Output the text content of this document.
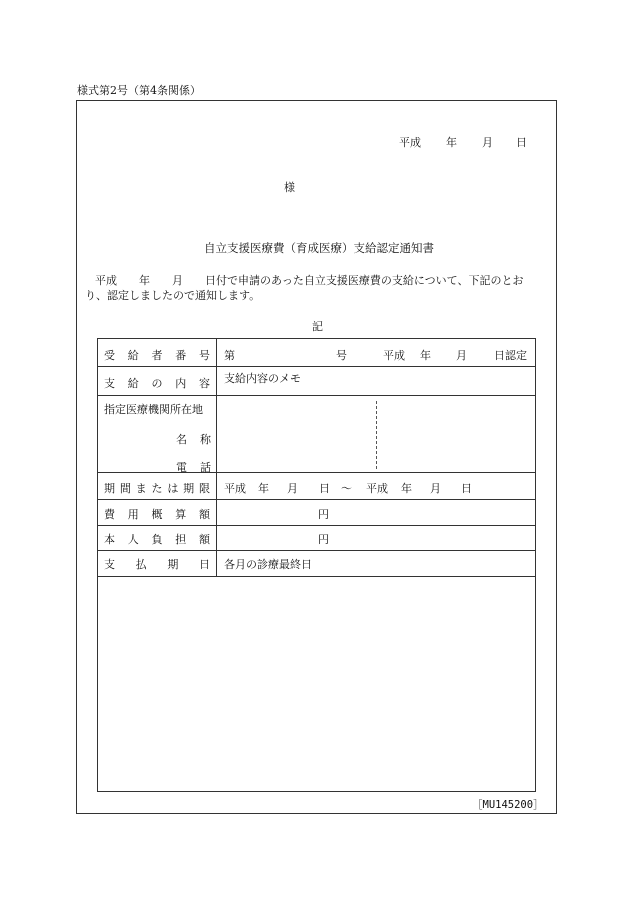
様式第2号（第4条関係）
平成 年 月 日
様
自立支援医療費（育成医療）支給認定通知書
平成　　年　　月　　日付で申請のあった自立支援医療費の支給について、下記のとお
り、認定しましたので通知します。
記
受 給 者 番 号 第	号	平成 年 月 日認定
支 給 の 内 容 支給内容のメモ
指定医療機関所在地
名 称
電 話
期 間 ま た は 期 限 平成 年 月 日 ～ 平成 年 月 日
費 用 概 算 額	円
本 人 負 担 額	円
支 払 期 日 各月の診療最終日
［MU145200］
